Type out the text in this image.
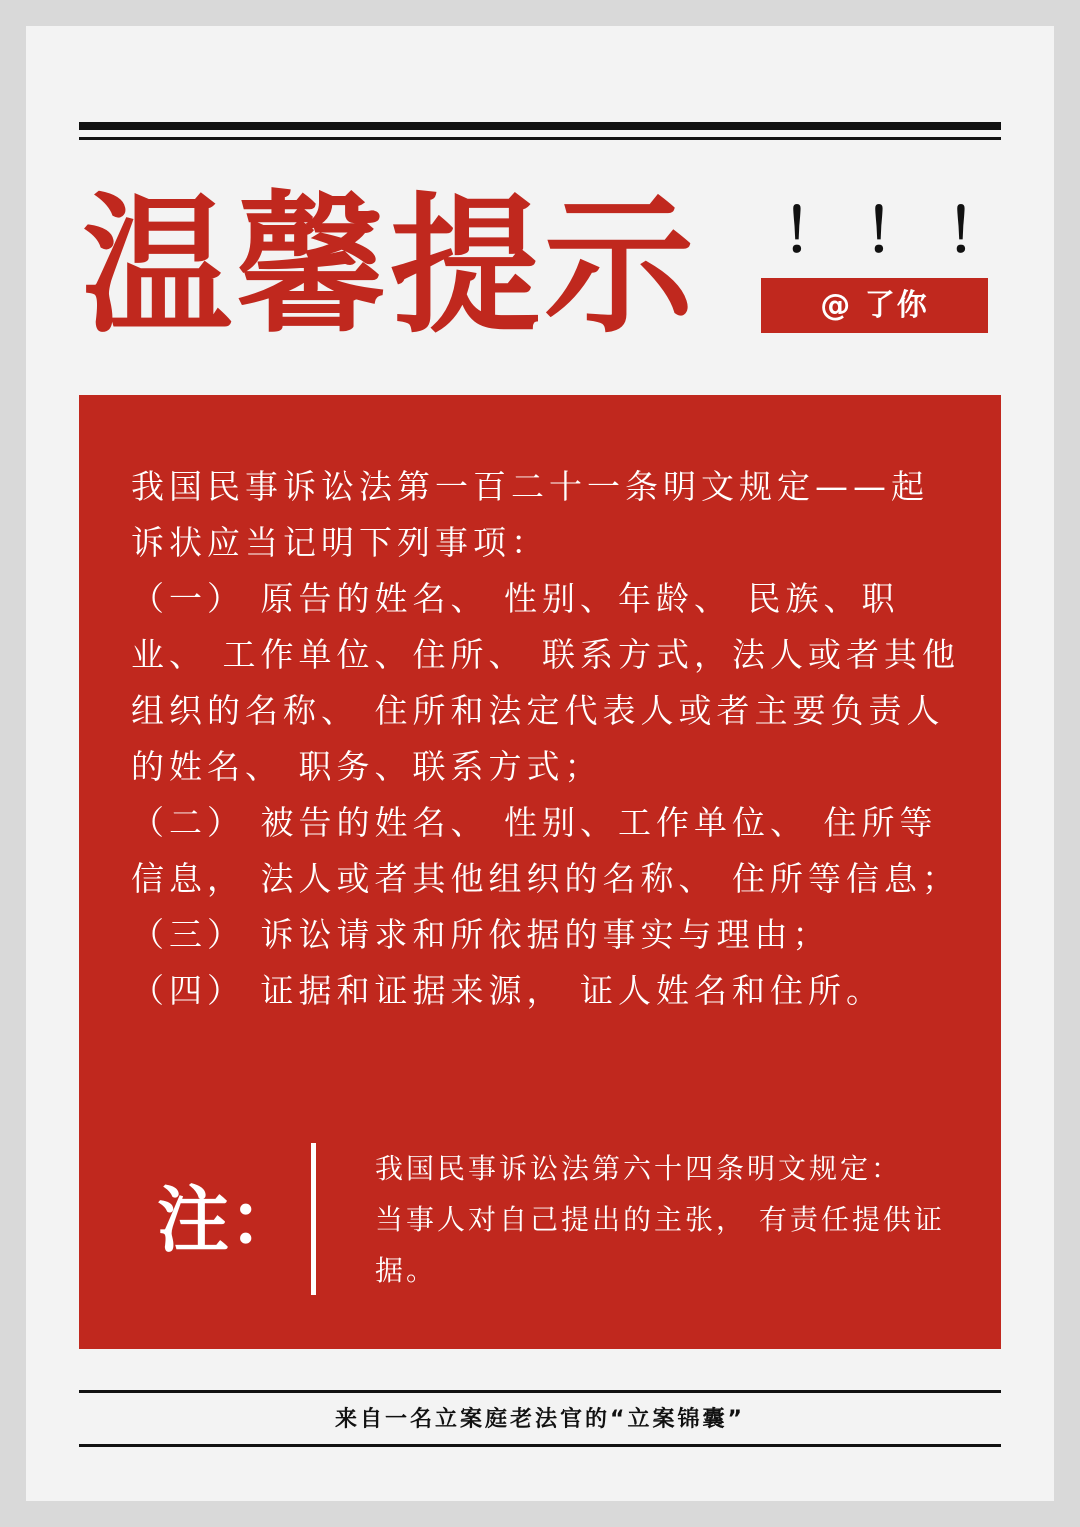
温馨提示 ！！！
@ 了你

我国民事诉讼法第一百二十一条明文规定——起诉状应当记明下列事项：

（一） 原告的姓名、 性别、年龄、 民族、职业、 工作单位、住所、 联系方式，法人或者其他组织的名称、 住所和法定代表人或者主要负责人的姓名、 职务、联系方式；

（二） 被告的姓名、 性别、工作单位、 住所等信息， 法人或者其他组织的名称、 住所等信息；

（三） 诉讼请求和所依据的事实与理由；

（四） 证据和证据来源， 证人姓名和住所。

注：

我国民事诉讼法第六十四条明文规定：

当事人对自己提出的主张， 有责任提供证据。

来自一名立案庭老法官的“立案锦囊”
